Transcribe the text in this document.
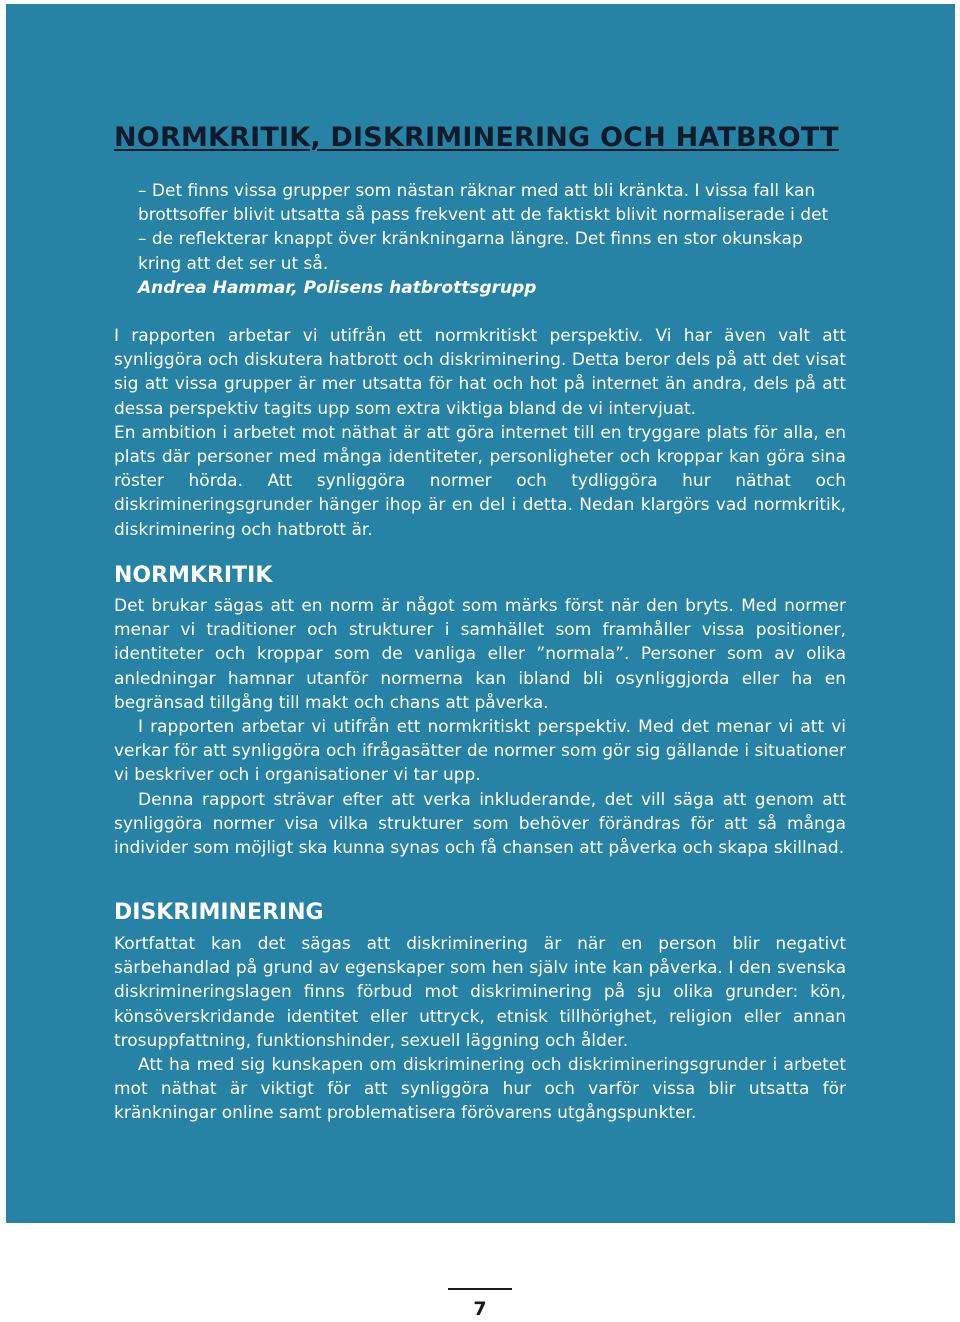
NORMKRITIK, DISKRIMINERING OCH HATBROTT

– Det finns vissa grupper som nästan räknar med att bli kränkta. I vissa fall kan brottsoffer blivit utsatta så pass frekvent att de faktiskt blivit normaliserade i det – de reflekterar knappt över kränkningarna längre. Det finns en stor okunskap kring att det ser ut så.

Andrea Hammar, Polisens hatbrottsgrupp

I rapporten arbetar vi utifrån ett normkritiskt perspektiv. Vi har även valt att synliggöra och diskutera hatbrott och diskriminering. Detta beror dels på att det visat sig att vissa grupper är mer utsatta för hat och hot på internet än andra, dels på att dessa perspektiv tagits upp som extra viktiga bland de vi intervjuat.

En ambition i arbetet mot näthat är att göra internet till en tryggare plats för alla, en plats där personer med många identiteter, personligheter och kroppar kan göra sina röster hörda. Att synliggöra normer och tydliggöra hur näthat och diskrimineringsgrunder hänger ihop är en del i detta. Nedan klargörs vad normkritik, diskriminering och hatbrott är.

NORMKRITIK

Det brukar sägas att en norm är något som märks först när den bryts. Med normer menar vi traditioner och strukturer i samhället som framhåller vissa positioner, identiteter och kroppar som de vanliga eller ”normala”. Personer som av olika anledningar hamnar utanför normerna kan ibland bli osynliggjorda eller ha en begränsad tillgång till makt och chans att påverka.

I rapporten arbetar vi utifrån ett normkritiskt perspektiv. Med det menar vi att vi verkar för att synliggöra och ifrågasätter de normer som gör sig gällande i situationer vi beskriver och i organisationer vi tar upp.

Denna rapport strävar efter att verka inkluderande, det vill säga att genom att synliggöra normer visa vilka strukturer som behöver förändras för att så många individer som möjligt ska kunna synas och få chansen att påverka och skapa skillnad.

DISKRIMINERING

Kortfattat kan det sägas att diskriminering är när en person blir negativt särbehandlad på grund av egenskaper som hen själv inte kan påverka. I den svenska diskrimineringslagen finns förbud mot diskriminering på sju olika grunder: kön, könsöverskridande identitet eller uttryck, etnisk tillhörighet, religion eller annan trosuppfattning, funktionshinder, sexuell läggning och ålder.

Att ha med sig kunskapen om diskriminering och diskrimineringsgrunder i arbetet mot näthat är viktigt för att synliggöra hur och varför vissa blir utsatta för kränkningar online samt problematisera förövarens utgångspunkter.

7
